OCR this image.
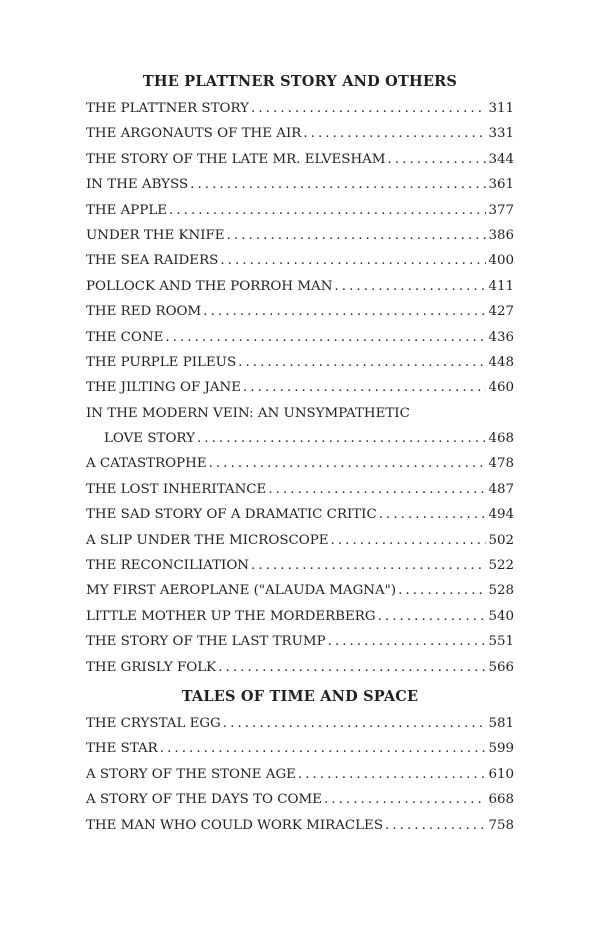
THE PLATTNER STORY AND OTHERS
THE PLATTNER STORY . . .	311
THE ARGONAUTS OF THE AIR . . .	331
THE STORY OF THE LATE MR. ELVESHAM . . .	344
IN THE ABYSS . . .	361
THE APPLE . . .	377
UNDER THE KNIFE . . .	386
THE SEA RAIDERS . . .	400
POLLOCK AND THE PORROH MAN . . .	411
THE RED ROOM . . .	427
THE CONE . . .	436
THE PURPLE PILEUS . . .	448
THE JILTING OF JANE . . .	460
IN THE MODERN VEIN: AN UNSYMPATHETIC
LOVE STORY . . .	468
A CATASTROPHE . . .	478
THE LOST INHERITANCE . . .	487
THE SAD STORY OF A DRAMATIC CRITIC . . .	494
A SLIP UNDER THE MICROSCOPE . . .	502
THE RECONCILIATION . . .	522
MY FIRST AEROPLANE ("ALAUDA MAGNA") . . .	528
LITTLE MOTHER UP THE MORDERBERG . . .	540
THE STORY OF THE LAST TRUMP . . .	551
THE GRISLY FOLK . . .	566
TALES OF TIME AND SPACE
THE CRYSTAL EGG . . .	581
THE STAR . . .	599
A STORY OF THE STONE AGE . . .	610
A STORY OF THE DAYS TO COME . . .	668
THE MAN WHO COULD WORK MIRACLES . . .	758
